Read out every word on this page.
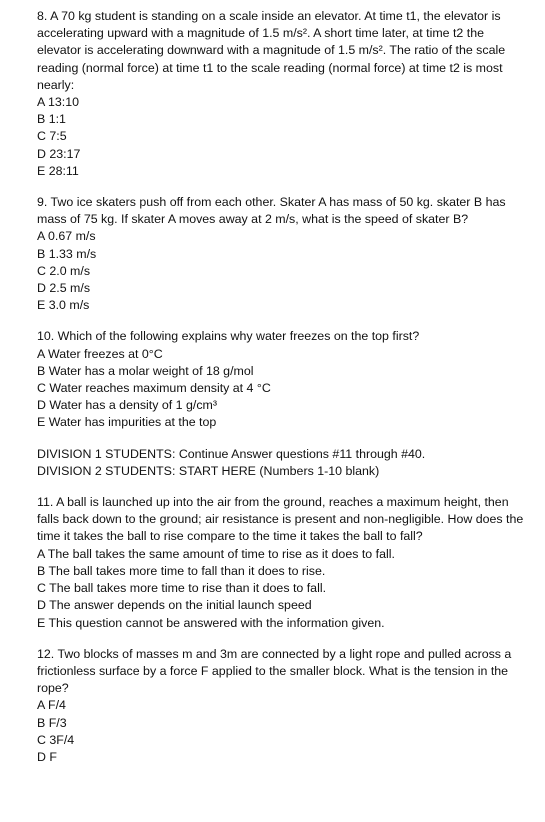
8. A 70 kg student is standing on a scale inside an elevator. At time t1, the elevator is accelerating upward with a magnitude of 1.5 m/s². A short time later, at time t2 the elevator is accelerating downward with a magnitude of 1.5 m/s². The ratio of the scale reading (normal force) at time t1 to the scale reading (normal force) at time t2 is most nearly:

A 13:10
B 1:1
C 7:5
D 23:17
E 28:11

9. Two ice skaters push off from each other. Skater A has mass of 50 kg. skater B has mass of 75 kg. If skater A moves away at 2 m/s, what is the speed of skater B?

A 0.67 m/s
B 1.33 m/s
C 2.0 m/s
D 2.5 m/s
E 3.0 m/s

10. Which of the following explains why water freezes on the top first?

A Water freezes at 0°C
B Water has a molar weight of 18 g/mol
C Water reaches maximum density at 4 °C
D Water has a density of 1 g/cm³
E Water has impurities at the top
DIVISION 1 STUDENTS: Continue Answer questions #11 through #40.
DIVISION 2 STUDENTS: START HERE (Numbers 1-10 blank)

11. A ball is launched up into the air from the ground, reaches a maximum height, then falls back down to the ground; air resistance is present and non-negligible. How does the time it takes the ball to rise compare to the time it takes the ball to fall?

A The ball takes the same amount of time to rise as it does to fall.
B The ball takes more time to fall than it does to rise.
C The ball takes more time to rise than it does to fall.
D The answer depends on the initial launch speed
E This question cannot be answered with the information given.

12. Two blocks of masses m and 3m are connected by a light rope and pulled across a frictionless surface by a force F applied to the smaller block. What is the tension in the rope?

A F/4
B F/3
C 3F/4
D F
